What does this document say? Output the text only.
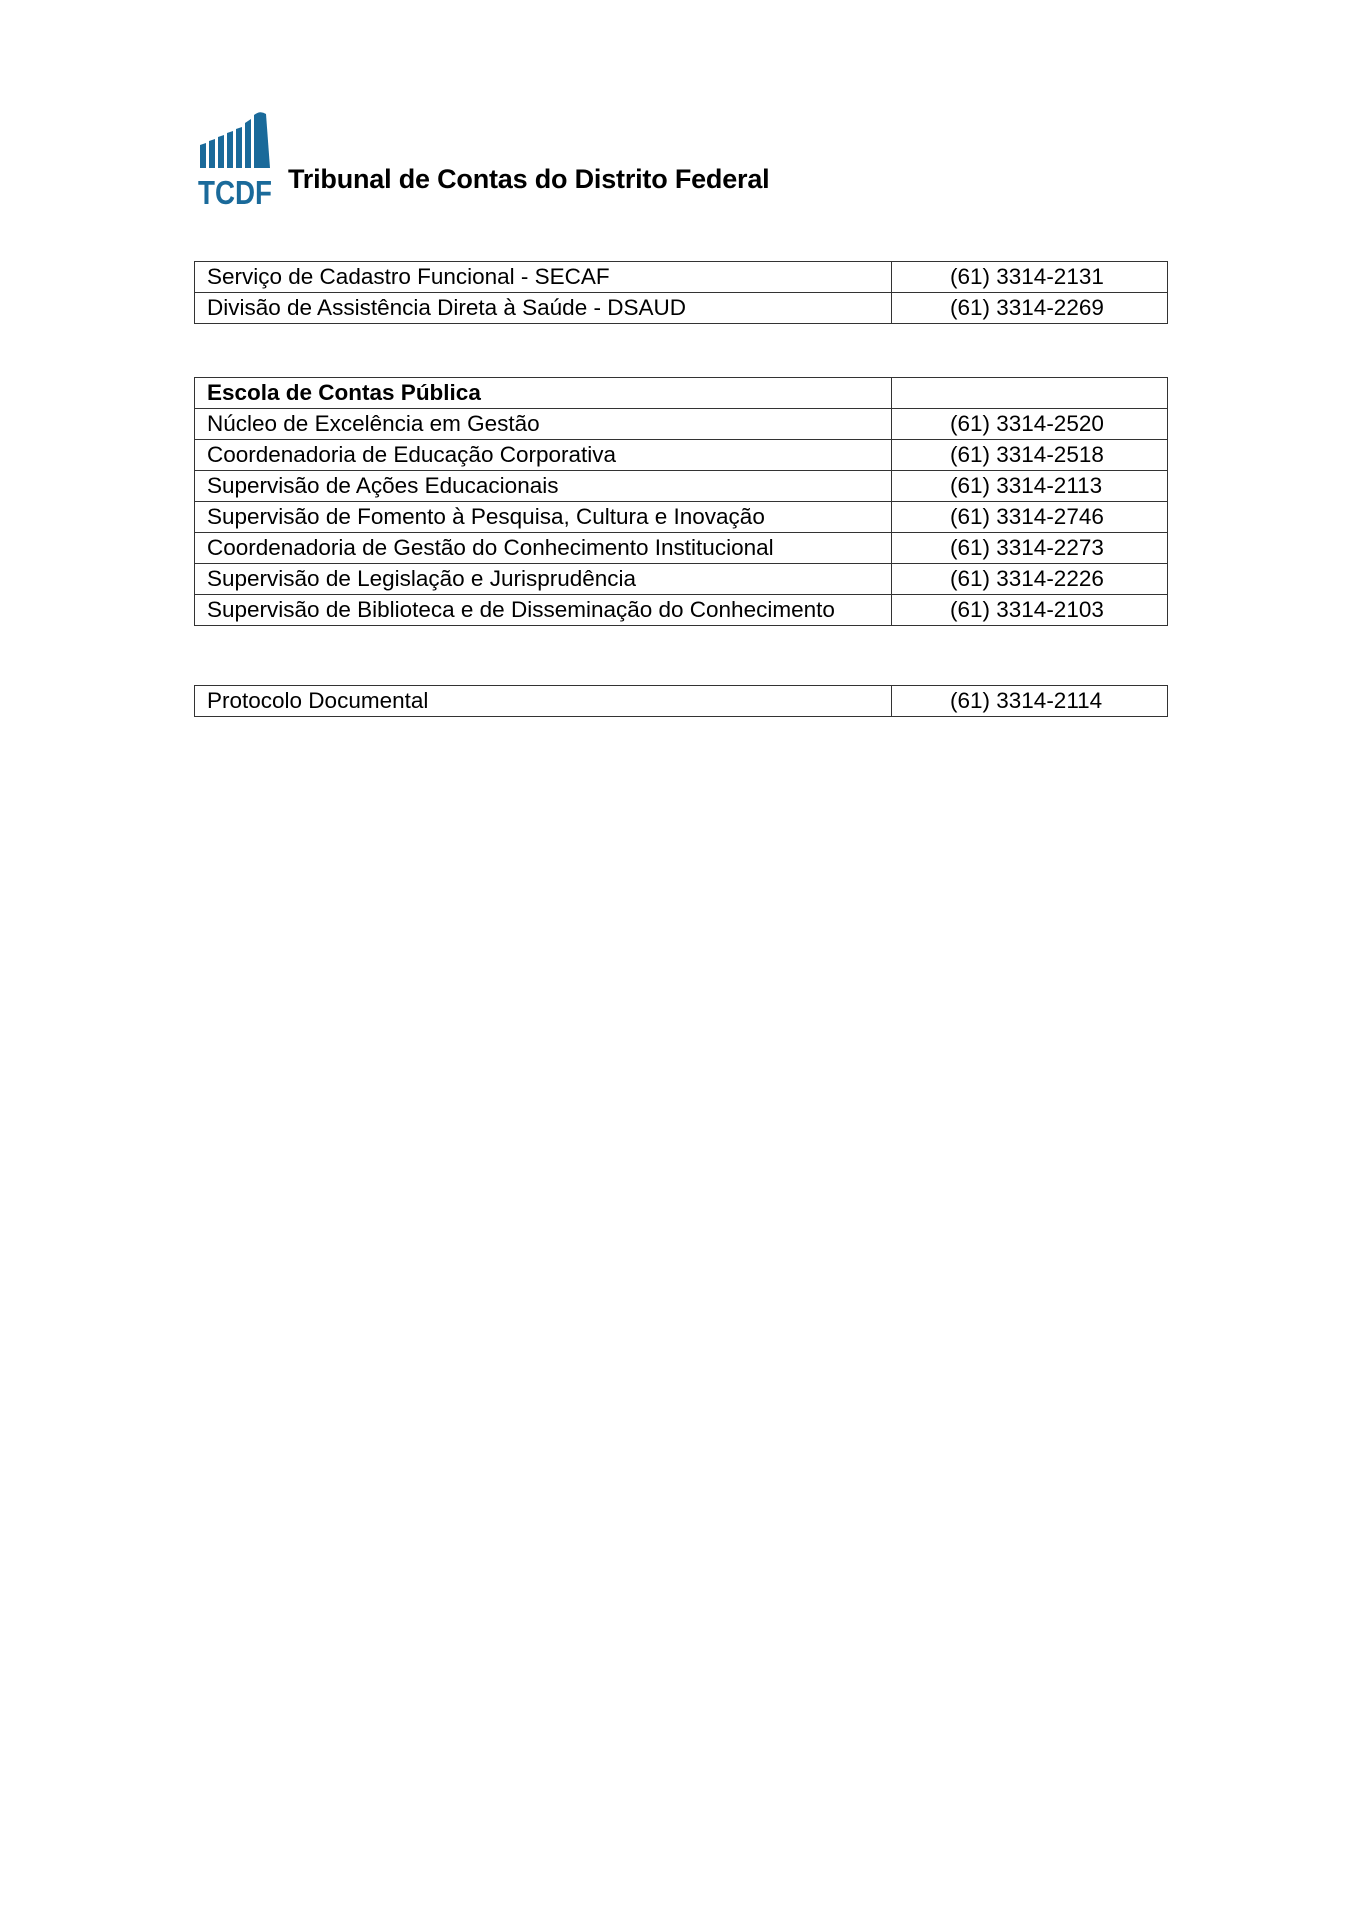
TCDF Tribunal de Contas do Distrito Federal
Serviço de Cadastro Funcional - SECAF	(61) 3314-2131
Divisão de Assistência Direta à Saúde - DSAUD	(61) 3314-2269
Escola de Contas Pública	
Núcleo de Excelência em Gestão	(61) 3314-2520
Coordenadoria de Educação Corporativa	(61) 3314-2518
Supervisão de Ações Educacionais	(61) 3314-2113
Supervisão de Fomento à Pesquisa, Cultura e Inovação	(61) 3314-2746
Coordenadoria de Gestão do Conhecimento Institucional	(61) 3314-2273
Supervisão de Legislação e Jurisprudência	(61) 3314-2226
Supervisão de Biblioteca e de Disseminação do Conhecimento	(61) 3314-2103
Protocolo Documental	(61) 3314-2114
